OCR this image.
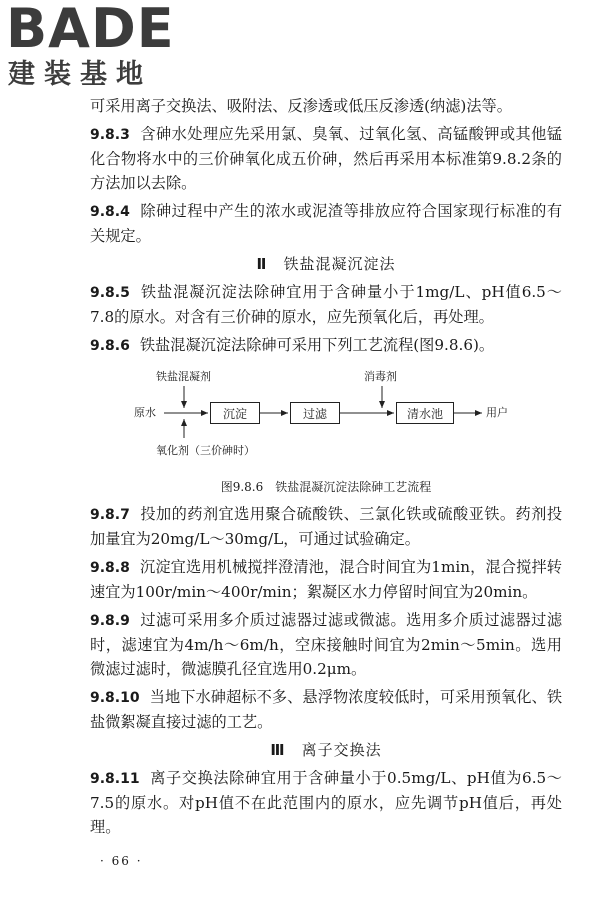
BADE
建装基地

可采用离子交换法、吸附法、反渗透或低压反渗透(纳滤)法等。

9.8.3 含砷水处理应先采用氯、臭氧、过氧化氢、高锰酸钾或其他锰化合物将水中的三价砷氧化成五价砷，然后再采用本标准第9.8.2条的方法加以去除。

9.8.4 除砷过程中产生的浓水或泥渣等排放应符合国家现行标准的有关规定。

Ⅱ 铁盐混凝沉淀法

9.8.5 铁盐混凝沉淀法除砷宜用于含砷量小于1mg/L、pH值6.5～7.8的原水。对含有三价砷的原水，应先预氧化后，再处理。

9.8.6 铁盐混凝沉淀法除砷可采用下列工艺流程(图9.8.6)。

铁盐混凝剂
原水
氧化剂（三价砷时）
沉淀	过滤
消毒剂
清水池	用户
图9.8.6　铁盐混凝沉淀法除砷工艺流程

9.8.7 投加的药剂宜选用聚合硫酸铁、三氯化铁或硫酸亚铁。药剂投加量宜为20mg/L～30mg/L，可通过试验确定。

9.8.8 沉淀宜选用机械搅拌澄清池，混合时间宜为1min，混合搅拌转速宜为100r/min～400r/min；絮凝区水力停留时间宜为20min。

9.8.9 过滤可采用多介质过滤器过滤或微滤。选用多介质过滤器过滤时，滤速宜为4m/h～6m/h，空床接触时间宜为2min～5min。选用微滤过滤时，微滤膜孔径宜选用0.2μm。

9.8.10 当地下水砷超标不多、悬浮物浓度较低时，可采用预氧化、铁盐微絮凝直接过滤的工艺。

Ⅲ 离子交换法

9.8.11 离子交换法除砷宜用于含砷量小于0.5mg/L、pH值为6.5～7.5的原水。对pH值不在此范围内的原水，应先调节pH值后，再处理。

· 66 ·
